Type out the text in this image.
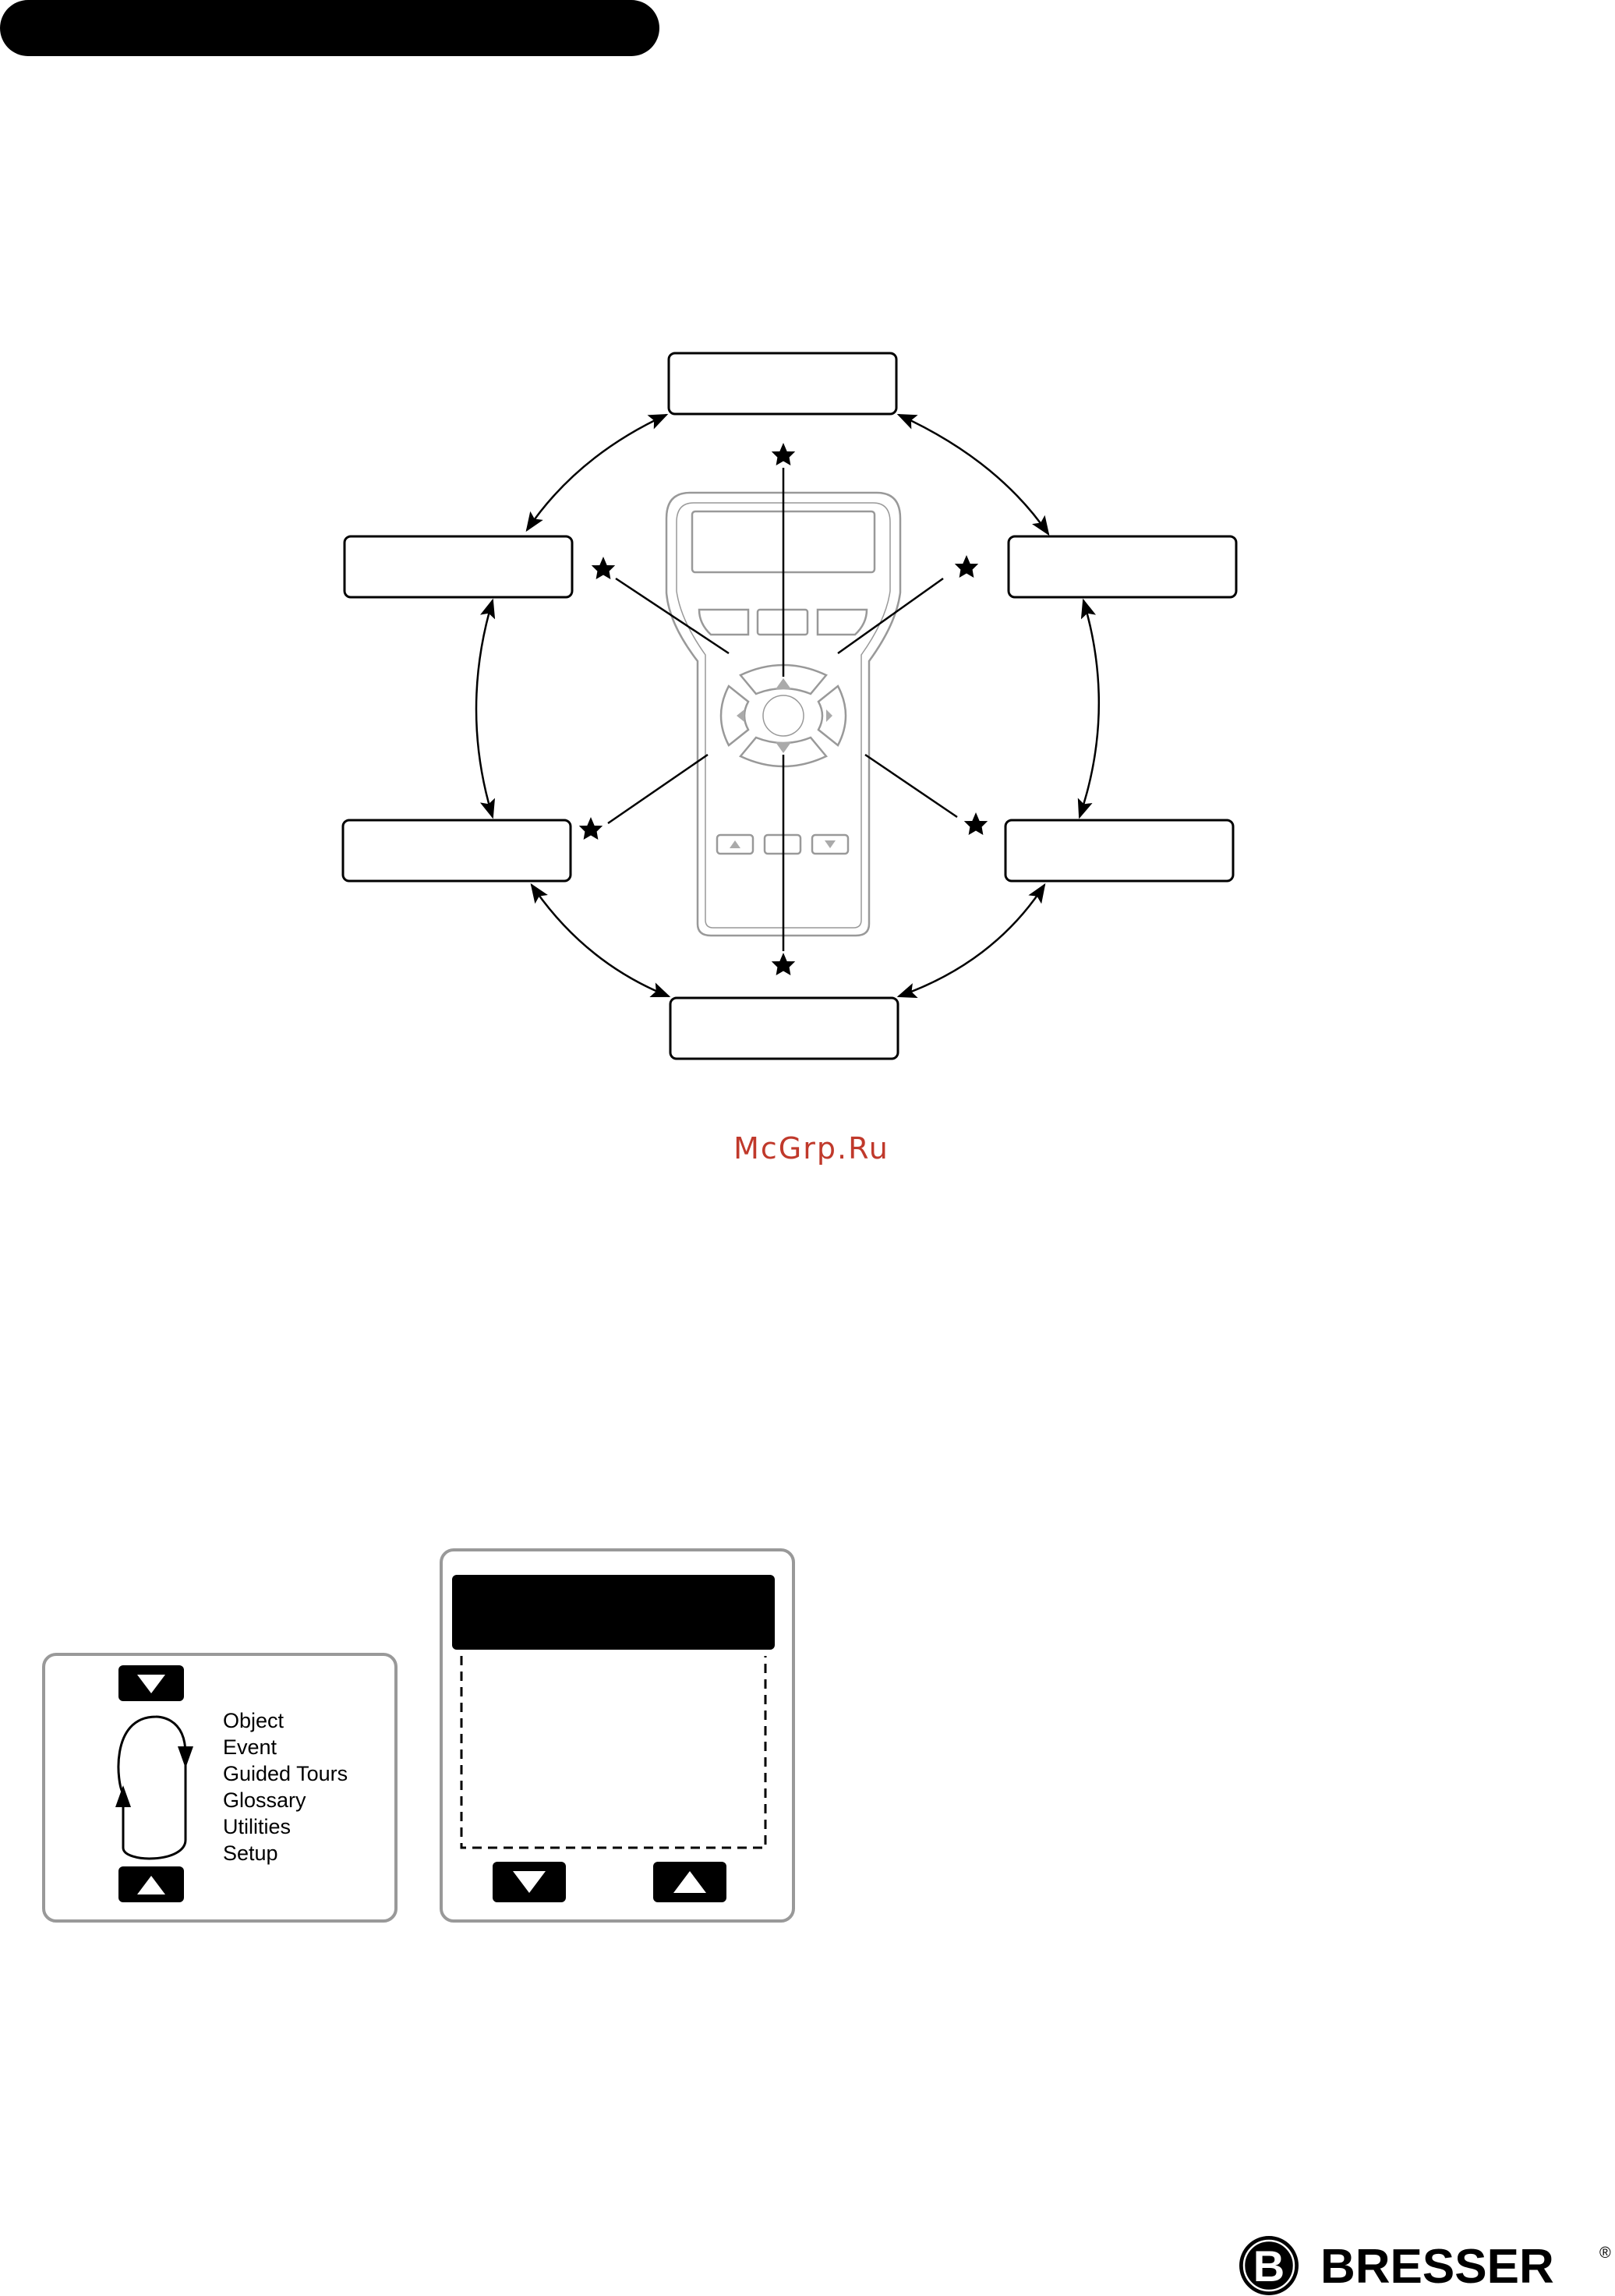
McGrp.Ru
Object
Event
Guided Tours
Glossary
Utilities
Setup
B BRESSER	®
